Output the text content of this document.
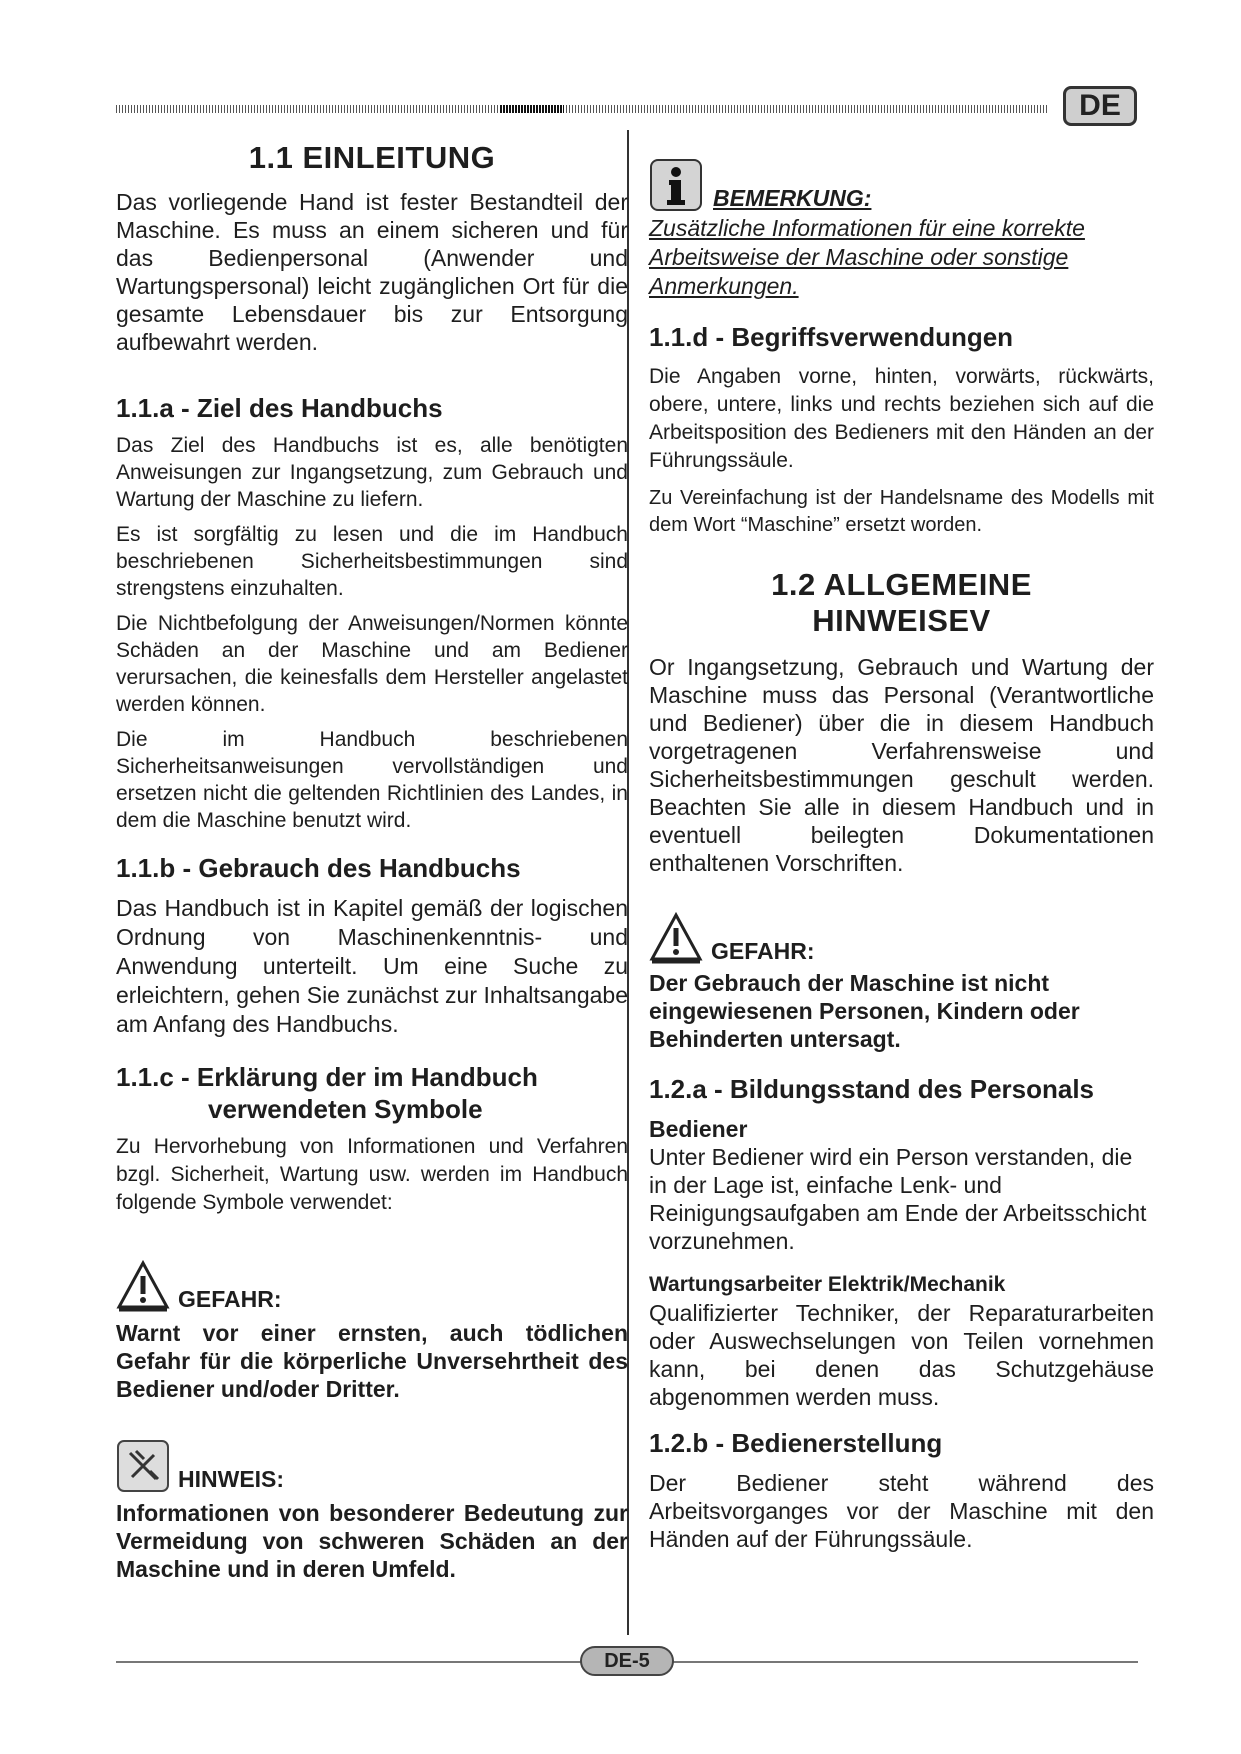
DE
1.1 EINLEITUNG

Das vorliegende Hand ist fester Bestandteil der Maschine. Es muss an einem sicheren und für das Bedienpersonal (Anwender und Wartungspersonal) leicht zugänglichen Ort für die gesamte Lebensdauer bis zur Entsorgung aufbewahrt werden.

1.1.a - Ziel des Handbuchs

Das Ziel des Handbuchs ist es, alle benötigten Anweisungen zur Ingangsetzung, zum Gebrauch und Wartung der Maschine zu liefern.

Es ist sorgfältig zu lesen und die im Handbuch beschriebenen Sicherheitsbestimmungen sind strengstens einzuhalten.

Die Nichtbefolgung der Anweisungen/Normen könnte Schäden an der Maschine und am Bediener verursachen, die keinesfalls dem Hersteller angelastet werden können.

Die im Handbuch beschriebenen Sicherheitsanweisungen vervollständigen und ersetzen nicht die geltenden Richtlinien des Landes, in dem die Maschine benutzt wird.

1.1.b - Gebrauch des Handbuchs

Das Handbuch ist in Kapitel gemäß der logischen Ordnung von Maschinenkenntnis- und Anwendung unterteilt. Um eine Suche zu erleichtern, gehen Sie zunächst zur Inhaltsangabe am Anfang des Handbuchs.

1.1.c - Erklärung der im Handbuch
verwendeten Symbole

Zu Hervorhebung von Informationen und Verfahren bzgl. Sicherheit, Wartung usw. werden im Handbuch folgende Symbole verwendet:

GEFAHR:

Warnt vor einer ernsten, auch tödlichen Gefahr für die körperliche Unversehrtheit des Bediener und/oder Dritter.

HINWEIS:

Informationen von besonderer Bedeutung zur Vermeidung von schweren Schäden an der Maschine und in deren Umfeld.

BEMERKUNG:

Zusätzliche Informationen für eine korrekte Arbeitsweise der Maschine oder sonstige Anmerkungen.

1.1.d - Begriffsverwendungen

Die Angaben vorne, hinten, vorwärts, rückwärts, obere, untere, links und rechts beziehen sich auf die Arbeitsposition des Bedieners mit den Händen an der Führungssäule.

Zu Vereinfachung ist der Handelsname des Modells mit dem Wort “Maschine” ersetzt worden.

1.2 ALLGEMEINE
HINWEISEV

Or Ingangsetzung, Gebrauch und Wartung der Maschine muss das Personal (Verantwortliche und Bediener) über die in diesem Handbuch vorgetragenen Verfahrensweise und Sicherheitsbestimmungen geschult werden. Beachten Sie alle in diesem Handbuch und in eventuell beilegten Dokumentationen enthaltenen Vorschriften.

GEFAHR:

Der Gebrauch der Maschine ist nicht eingewiesenen Personen, Kindern oder Behinderten untersagt.

1.2.a - Bildungsstand des Personals

Bediener

Unter Bediener wird ein Person verstanden, die in der Lage ist, einfache Lenk- und Reinigungsaufgaben am Ende der Arbeitsschicht vorzunehmen.

Wartungsarbeiter Elektrik/Mechanik

Qualifizierter Techniker, der Reparaturarbeiten oder Auswechselungen von Teilen vornehmen kann, bei denen das Schutzgehäuse abgenommen werden muss.

1.2.b - Bedienerstellung

Der Bediener steht während des Arbeitsvorganges vor der Maschine mit den Händen auf der Führungssäule.

DE-5
